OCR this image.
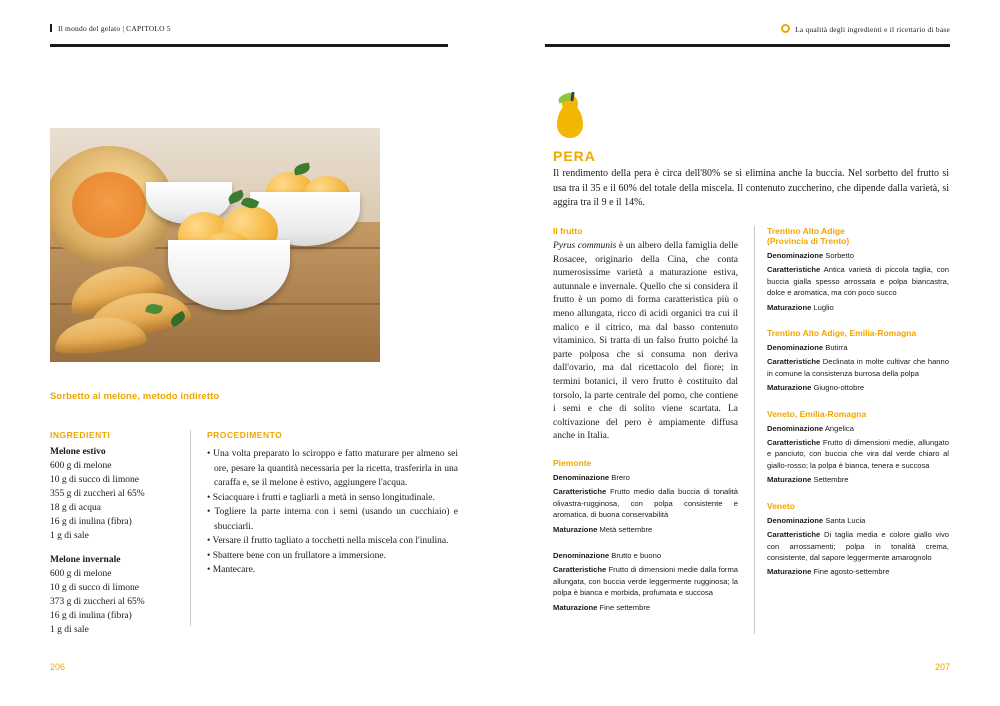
Il mondo del gelato | CAPITOLO 5
Sorbetto al melone, metodo indiretto
INGREDIENTI
Melone estivo
600 g di melone
10 g di succo di limone
355 g di zuccheri al 65%
18 g di acqua
16 g di inulina (fibra)
1 g di sale
Melone invernale
600 g di melone
10 g di succo di limone
373 g di zuccheri al 65%
16 g di inulina (fibra)
1 g di sale
PROCEDIMENTO
• Una volta preparato lo sciroppo e fatto maturare per almeno sei ore, pesare la quantità necessaria per la ricetta, trasferirla in una caraffa e, se il melone è estivo, aggiungere l'acqua.
• Sciacquare i frutti e tagliarli a metà in senso longitudinale.
• Togliere la parte interna con i semi (usando un cucchiaio) e sbucciarli.
• Versare il frutto tagliato a tocchetti nella miscela con l'inulina.
• Sbattere bene con un frullatore a immersione.
• Mantecare.
206
La qualità degli ingredienti e il ricettario di base
PERA
Il rendimento della pera è circa dell'80% se si elimina anche la buccia. Nel sorbetto del frutto si usa tra il 35 e il 60% del totale della miscela. Il contenuto zuccherino, che dipende dalla varietà, si aggira tra il 9 e il 14%.
Il frutto
Pyrus communis è un albero della famiglia delle Rosacee, originario della Cina, che conta numerosissime varietà a maturazione estiva, autunnale e invernale. Quello che si considera il frutto è un pomo di forma caratteristica più o meno allungata, ricco di acidi organici tra cui il malico e il citrico, ma dal basso contenuto vitaminico. Si tratta di un falso frutto poiché la parte polposa che si consuma non deriva dall'ovario, ma dal ricettacolo del fiore; in termini botanici, il vero frutto è costituito dal torsolo, la parte centrale del pomo, che contiene i semi e che di solito viene scartata. La coltivazione del pero è ampiamente diffusa anche in Italia.
Piemonte
Denominazione Brero
Caratteristiche Frutto medio dalla buccia di tonalità olivastra-rugginosa, con polpa consistente e aromatica, di buona conservabilità
Maturazione Metà settembre
Denominazione Brutto e buono
Caratteristiche Frutto di dimensioni medie dalla forma allungata, con buccia verde leggermente rugginosa; la polpa è bianca e morbida, profumata e succosa
Maturazione Fine settembre
Trentino Alto Adige
(Provincia di Trento)
Denominazione Sorbetto
Caratteristiche Antica varietà di piccola taglia, con buccia gialla spesso arrossata e polpa biancastra, dolce e aromatica, ma con poco succo
Maturazione Luglio
Trentino Alto Adige, Emilia-Romagna
Denominazione Butirra
Caratteristiche Declinata in molte cultivar che hanno in comune la consistenza burrosa della polpa
Maturazione Giugno-ottobre
Veneto, Emilia-Romagna
Denominazione Angelica
Caratteristiche Frutto di dimensioni medie, allungato e panciuto, con buccia che vira dal verde chiaro al giallo-rosso; la polpa è bianca, tenera e succosa
Maturazione Settembre
Veneto
Denominazione Santa Lucia
Caratteristiche Di taglia media e colore giallo vivo con arrossamenti; polpa in tonalità crema, consistente, dal sapore leggermente amarognolo
Maturazione Fine agosto-settembre
207
